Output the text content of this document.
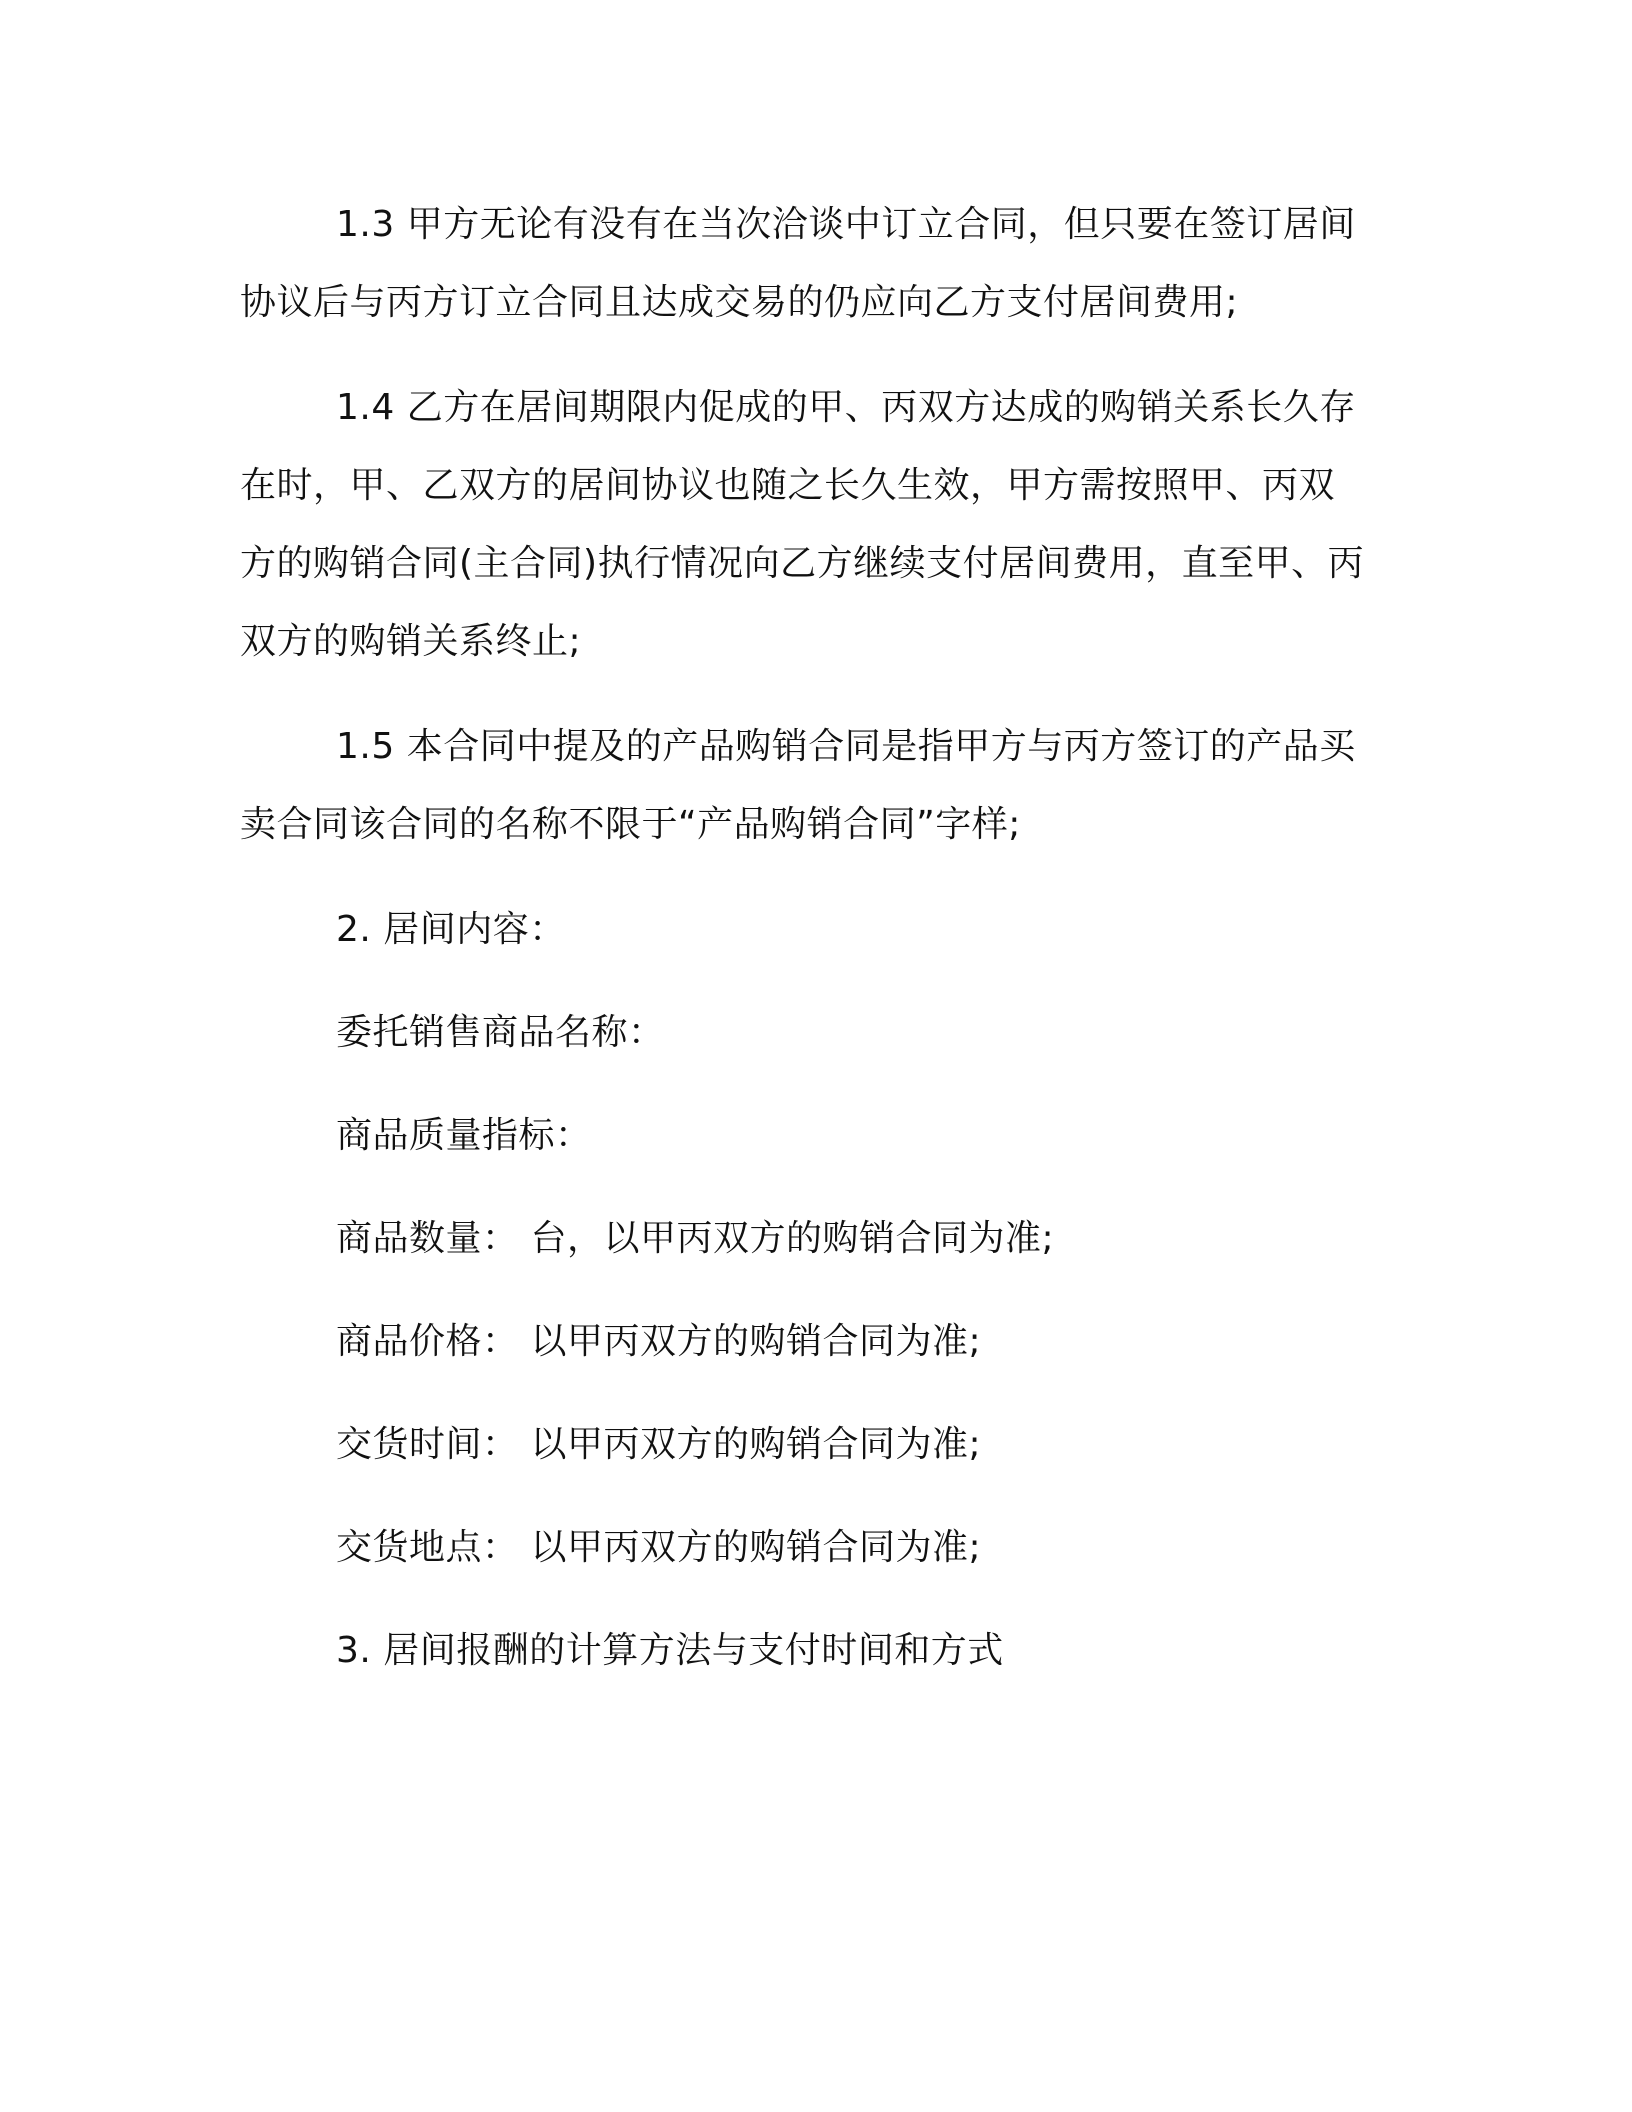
1.3 甲方无论有没有在当次洽谈中订立合同，但只要在签订居间
协议后与丙方订立合同且达成交易的仍应向乙方支付居间费用;

1.4 乙方在居间期限内促成的甲、丙双方达成的购销关系长久存
在时，甲、乙双方的居间协议也随之长久生效，甲方需按照甲、丙双
方的购销合同(主合同)执行情况向乙方继续支付居间费用，直至甲、丙
双方的购销关系终止;

1.5 本合同中提及的产品购销合同是指甲方与丙方签订的产品买
卖合同该合同的名称不限于“产品购销合同”字样;

2. 居间内容：

委托销售商品名称：

商品质量指标：

商品数量： 台，以甲丙双方的购销合同为准;

商品价格： 以甲丙双方的购销合同为准;

交货时间： 以甲丙双方的购销合同为准;

交货地点： 以甲丙双方的购销合同为准;

3. 居间报酬的计算方法与支付时间和方式
